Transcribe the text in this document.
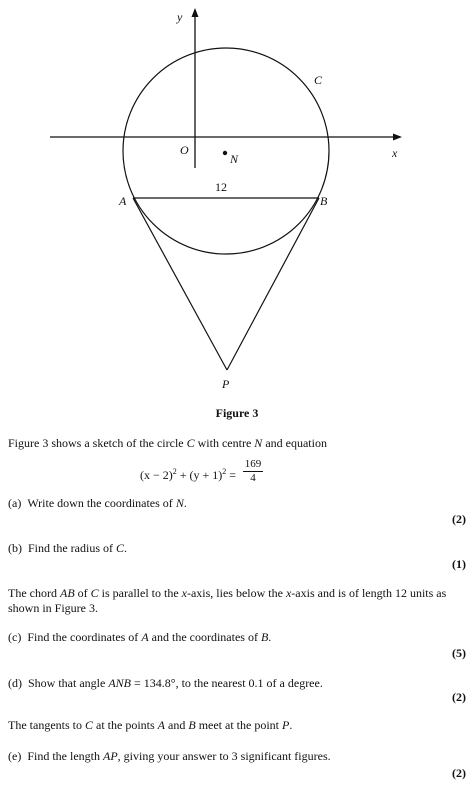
y
x
O
N
C
A	B
P
12
Figure 3
Figure 3 shows a sketch of the circle C with centre N and equation
$(x - 2)^2 + (y + 1)^2 = \frac{169}{4}$
(a) Write down the coordinates of N.
(2)
(b) Find the radius of C.
(1)
The chord AB of C is parallel to the x-axis, lies below the x-axis and is of length 12 units as shown in Figure 3.
(c) Find the coordinates of A and the coordinates of B.
(5)
(d) Show that angle ANB = 134.8°, to the nearest 0.1 of a degree.
(2)
The tangents to C at the points A and B meet at the point P.
(e) Find the length AP, giving your answer to 3 significant figures.
(2)
